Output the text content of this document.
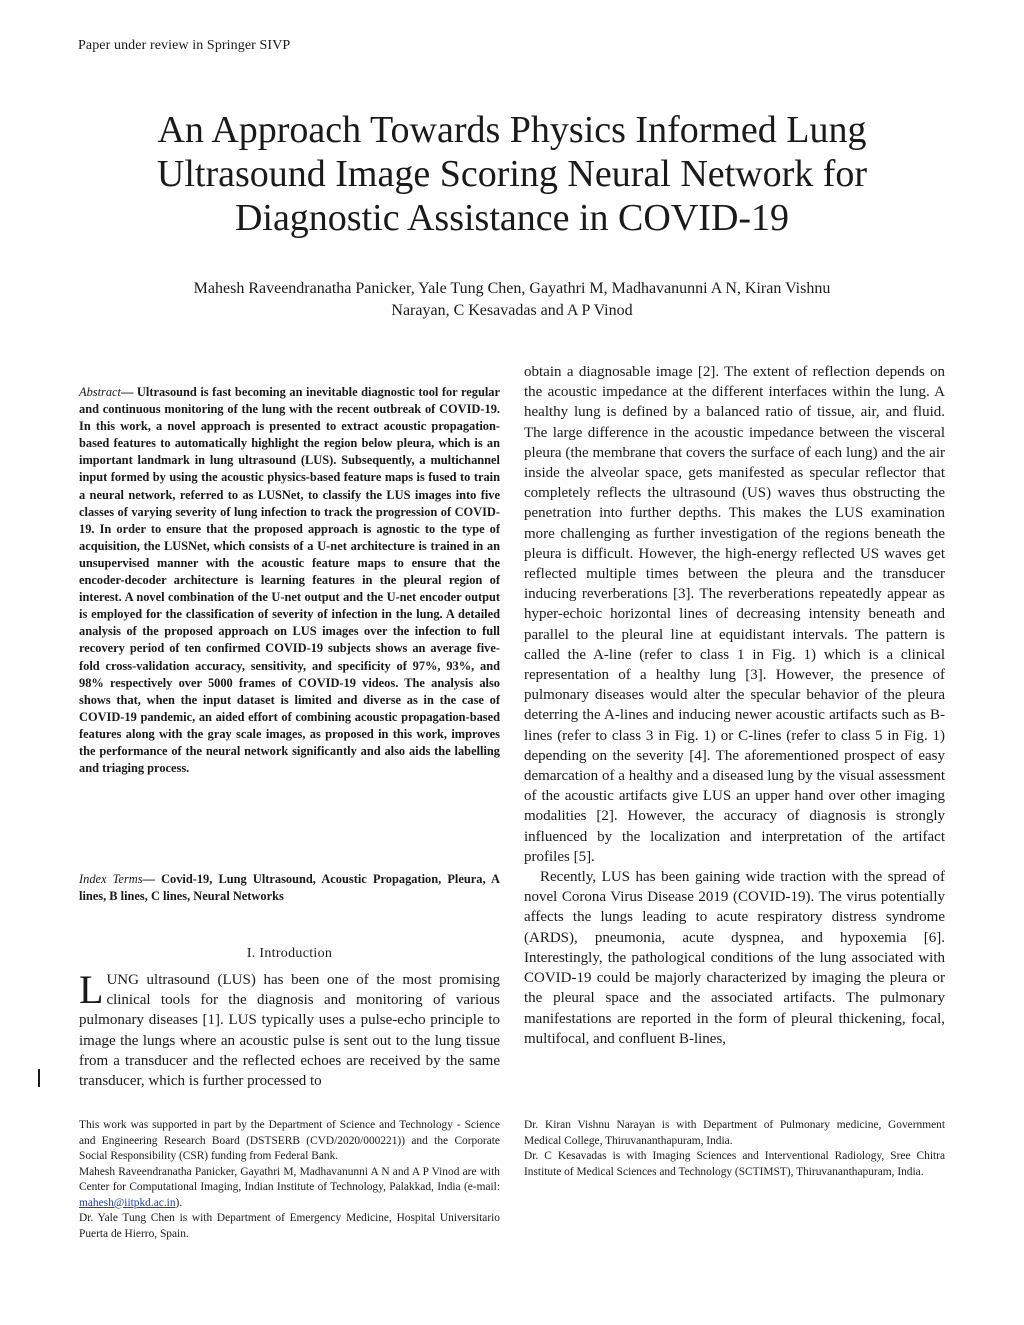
Paper under review in Springer SIVP
An Approach Towards Physics Informed Lung
Ultrasound Image Scoring Neural Network for
Diagnostic Assistance in COVID-19
Mahesh Raveendranatha Panicker, Yale Tung Chen, Gayathri M, Madhavanunni A N, Kiran Vishnu
Narayan, C Kesavadas and A P Vinod
Abstract— Ultrasound is fast becoming an inevitable diagnostic tool for regular and continuous monitoring of the lung with the recent outbreak of COVID-19. In this work, a novel approach is presented to extract acoustic propagation-based features to automatically highlight the region below pleura, which is an important landmark in lung ultrasound (LUS). Subsequently, a multichannel input formed by using the acoustic physics-based feature maps is fused to train a neural network, referred to as LUSNet, to classify the LUS images into five classes of varying severity of lung infection to track the progression of COVID-19. In order to ensure that the proposed approach is agnostic to the type of acquisition, the LUSNet, which consists of a U-net architecture is trained in an unsupervised manner with the acoustic feature maps to ensure that the encoder-decoder architecture is learning features in the pleural region of interest. A novel combination of the U-net output and the U-net encoder output is employed for the classification of severity of infection in the lung. A detailed analysis of the proposed approach on LUS images over the infection to full recovery period of ten confirmed COVID-19 subjects shows an average five-fold cross-validation accuracy, sensitivity, and specificity of 97%, 93%, and 98% respectively over 5000 frames of COVID-19 videos. The analysis also shows that, when the input dataset is limited and diverse as in the case of COVID-19 pandemic, an aided effort of combining acoustic propagation-based features along with the gray scale images, as proposed in this work, improves the performance of the neural network significantly and also aids the labelling and triaging process.
Index Terms— Covid-19, Lung Ultrasound, Acoustic Propagation, Pleura, A lines, B lines, C lines, Neural Networks
I. Introduction
LUNG ultrasound (LUS) has been one of the most promising clinical tools for the diagnosis and monitoring of various pulmonary diseases [1]. LUS typically uses a pulse-echo principle to image the lungs where an acoustic pulse is sent out to the lung tissue from a transducer and the reflected echoes are received by the same transducer, which is further processed to

obtain a diagnosable image [2]. The extent of reflection depends on the acoustic impedance at the different interfaces within the lung. A healthy lung is defined by a balanced ratio of tissue, air, and fluid. The large difference in the acoustic impedance between the visceral pleura (the membrane that covers the surface of each lung) and the air inside the alveolar space, gets manifested as specular reflector that completely reflects the ultrasound (US) waves thus obstructing the penetration into further depths. This makes the LUS examination more challenging as further investigation of the regions beneath the pleura is difficult. However, the high-energy reflected US waves get reflected multiple times between the pleura and the transducer inducing reverberations [3]. The reverberations repeatedly appear as hyper-echoic horizontal lines of decreasing intensity beneath and parallel to the pleural line at equidistant intervals. The pattern is called the A-line (refer to class 1 in Fig. 1) which is a clinical representation of a healthy lung [3]. However, the presence of pulmonary diseases would alter the specular behavior of the pleura deterring the A-lines and inducing newer acoustic artifacts such as B-lines (refer to class 3 in Fig. 1) or C-lines (refer to class 5 in Fig. 1) depending on the severity [4]. The aforementioned prospect of easy demarcation of a healthy and a diseased lung by the visual assessment of the acoustic artifacts give LUS an upper hand over other imaging modalities [2]. However, the accuracy of diagnosis is strongly influenced by the localization and interpretation of the artifact profiles [5].

Recently, LUS has been gaining wide traction with the spread of novel Corona Virus Disease 2019 (COVID-19). The virus potentially affects the lungs leading to acute respiratory distress syndrome (ARDS), pneumonia, acute dyspnea, and hypoxemia [6]. Interestingly, the pathological conditions of the lung associated with COVID-19 could be majorly characterized by imaging the pleura or the pleural space and the associated artifacts. The pulmonary manifestations are reported in the form of pleural thickening, focal, multifocal, and confluent B-lines,

This work was supported in part by the Department of Science and Technology - Science and Engineering Research Board (DSTSERB (CVD/2020/000221)) and the Corporate Social Responsibility (CSR) funding from Federal Bank.

Mahesh Raveendranatha Panicker, Gayathri M, Madhavanunni A N and A P Vinod are with Center for Computational Imaging, Indian Institute of Technology, Palakkad, India (e-mail: mahesh@iitpkd.ac.in).

Dr. Yale Tung Chen is with Department of Emergency Medicine, Hospital Universitario Puerta de Hierro, Spain.

Dr. Kiran Vishnu Narayan is with Department of Pulmonary medicine, Government Medical College, Thiruvananthapuram, India.

Dr. C Kesavadas is with Imaging Sciences and Interventional Radiology, Sree Chitra Institute of Medical Sciences and Technology (SCTIMST), Thiruvananthapuram, India.
